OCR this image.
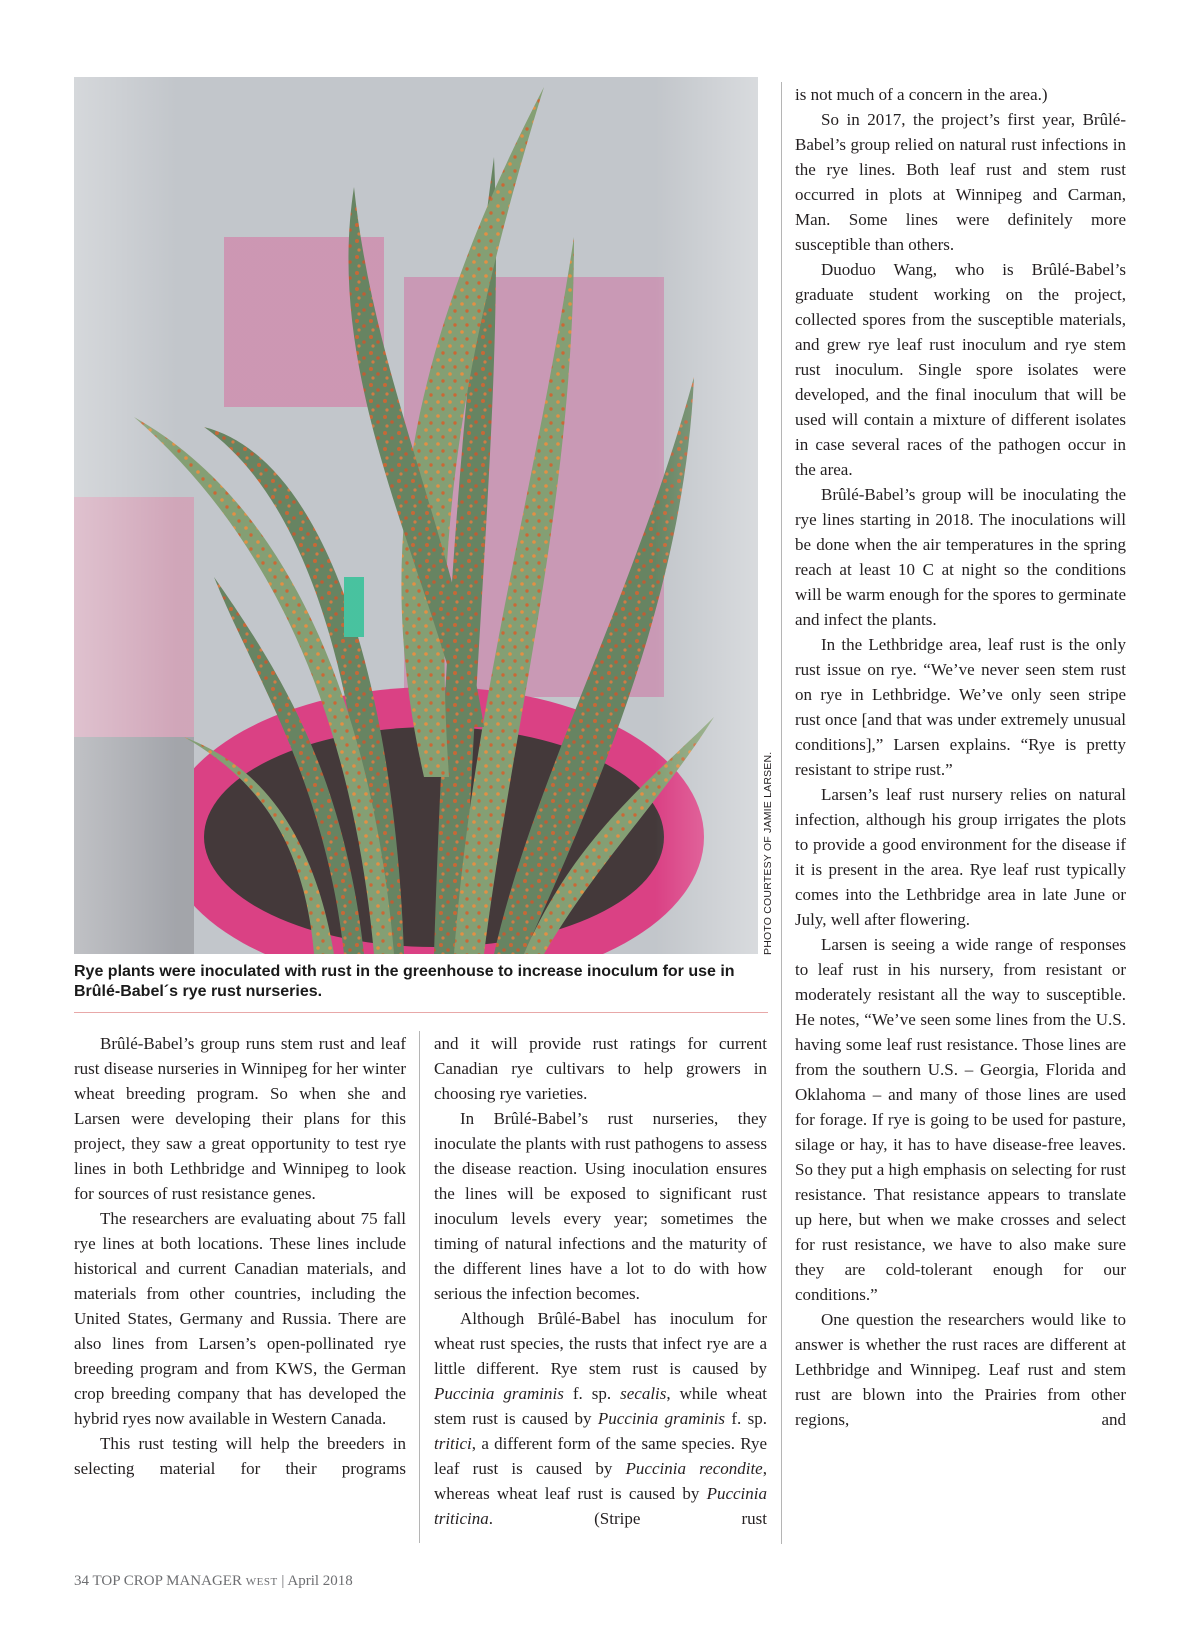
PHOTO COURTESY OF JAMIE LARSEN.
Rye plants were inoculated with rust in the greenhouse to increase inoculum for use in Brûlé-Babel´s rye rust nurseries.

Brûlé-Babel’s group runs stem rust and leaf rust disease nurseries in Winnipeg for her winter wheat breeding program. So when she and Larsen were developing their plans for this project, they saw a great opportunity to test rye lines in both Lethbridge and Winnipeg to look for sources of rust resistance genes.

The researchers are evaluating about 75 fall rye lines at both locations. These lines include historical and current Canadian materials, and materials from other countries, including the United States, Germany and Russia. There are also lines from Larsen’s open-pollinated rye breeding program and from KWS, the German crop breeding company that has developed the hybrid ryes now available in Western Canada.

This rust testing will help the breeders in selecting material for their programs

and it will provide rust ratings for current Canadian rye cultivars to help growers in choosing rye varieties.

In Brûlé-Babel’s rust nurseries, they inoculate the plants with rust pathogens to assess the disease reaction. Using inoculation ensures the lines will be exposed to significant rust inoculum levels every year; sometimes the timing of natural infections and the maturity of the different lines have a lot to do with how serious the infection becomes.

Although Brûlé-Babel has inoculum for wheat rust species, the rusts that infect rye are a little different. Rye stem rust is caused by Puccinia graminis f. sp. secalis, while wheat stem rust is caused by Puccinia graminis f. sp. tritici, a different form of the same species. Rye leaf rust is caused by Puccinia recondite, whereas wheat leaf rust is caused by Puccinia triticina. (Stripe rust

is not much of a concern in the area.)

So in 2017, the project’s first year, Brûlé-Babel’s group relied on natural rust infections in the rye lines. Both leaf rust and stem rust occurred in plots at Winnipeg and Carman, Man. Some lines were definitely more susceptible than others.

Duoduo Wang, who is Brûlé-Babel’s graduate student working on the project, collected spores from the susceptible materials, and grew rye leaf rust inoculum and rye stem rust inoculum. Single spore isolates were developed, and the final inoculum that will be used will contain a mixture of different isolates in case several races of the pathogen occur in the area.

Brûlé-Babel’s group will be inoculating the rye lines starting in 2018. The inoculations will be done when the air temperatures in the spring reach at least 10 C at night so the conditions will be warm enough for the spores to germinate and infect the plants.

In the Lethbridge area, leaf rust is the only rust issue on rye. “We’ve never seen stem rust on rye in Lethbridge. We’ve only seen stripe rust once [and that was under extremely unusual conditions],” Larsen explains. “Rye is pretty resistant to stripe rust.”

Larsen’s leaf rust nursery relies on natural infection, although his group irrigates the plots to provide a good environment for the disease if it is present in the area. Rye leaf rust typically comes into the Lethbridge area in late June or July, well after flowering.

Larsen is seeing a wide range of responses to leaf rust in his nursery, from resistant or moderately resistant all the way to susceptible. He notes, “We’ve seen some lines from the U.S. having some leaf rust resistance. Those lines are from the southern U.S. – Georgia, Florida and Oklahoma – and many of those lines are used for forage. If rye is going to be used for pasture, silage or hay, it has to have disease-free leaves. So they put a high emphasis on selecting for rust resistance. That resistance appears to translate up here, but when we make crosses and select for rust resistance, we have to also make sure they are cold-tolerant enough for our conditions.”

One question the researchers would like to answer is whether the rust races are different at Lethbridge and Winnipeg. Leaf rust and stem rust are blown into the Prairies from other regions, and

34 TOP CROP MANAGER WEST | April 2018
